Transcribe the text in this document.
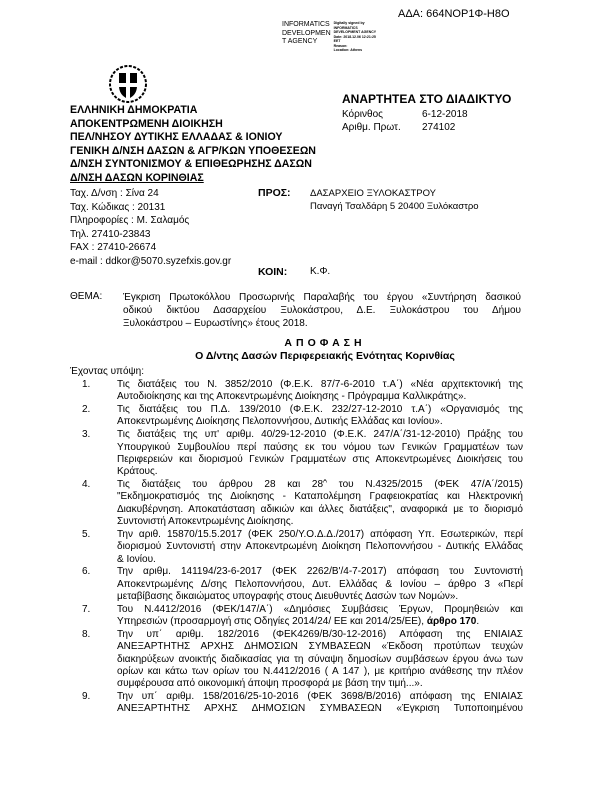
ΑΔΑ: 664ΝΟΡ1Φ-Η8Ο
INFORMATICS
DEVELOPMEN
T AGENCY
Digitally signed by
INFORMATICS
DEVELOPMENT AGENCY
Date: 2018.12.06 12:21:25
EET
Reason:
Location: Athens
ΕΛΛΗΝΙΚΗ ΔΗΜΟΚΡΑΤΙΑ
ΑΠΟΚΕΝΤΡΩΜΕΝΗ ΔΙΟΙΚΗΣΗ
ΠΕΛ/ΝΗΣΟΥ ΔΥΤΙΚΗΣ ΕΛΛΑΔΑΣ & ΙΟΝΙΟΥ
ΓΕΝΙΚΗ Δ/ΝΣΗ ΔΑΣΩΝ & ΑΓΡ/ΚΩΝ ΥΠΟΘΕΣΕΩΝ
Δ/ΝΣΗ ΣΥΝΤΟΝΙΣΜΟΥ & ΕΠΙΘΕΩΡΗΣΗΣ ΔΑΣΩΝ
Δ/ΝΣΗ ΔΑΣΩΝ ΚΟΡΙΝΘΙΑΣ
ΑΝΑΡΤΗΤΕΑ ΣΤΟ ΔΙΑΔΙΚΤΥΟ
Κόρινθος	6-12-2018
Αριθμ. Πρωτ. 274102
Ταχ. Δ/νση : Σίνα 24
Ταχ. Κώδικας : 20131
Πληροφορίες : Μ. Σαλαμός
Τηλ. 27410-23843
FAX : 27410-26674
e-mail : ddkor@5070.syzefxis.gov.gr
ΠΡΟΣ: ΔΑΣΑΡΧΕΙΟ ΞΥΛΟΚΑΣΤΡΟΥ
Παναγή Τσαλδάρη 5 20400 Ξυλόκαστρο
ΚΟΙΝ: Κ.Φ.
ΘΕΜΑ: Έγκριση Πρωτοκόλλου Προσωρινής Παραλαβής του έργου «Συντήρηση δασικού
οδικού δικτύου Δασαρχείου Ξυλοκάστρου, Δ.Ε. Ξυλοκάστρου του Δήμου
Ξυλοκάστρου – Ευρωστίνης» έτους 2018.
ΑΠΟΦΑΣΗ
Ο Δ/ντης Δασών Περιφερειακής Ενότητας Κορινθίας
Έχοντας υπόψη:
1.	Τις διατάξεις του Ν. 3852/2010 (Φ.Ε.Κ. 87/7-6-2010 τ.Α΄) «Νέα αρχιτεκτονική της
Αυτοδιοίκησης και της Αποκεντρωμένης Διοίκησης - Πρόγραμμα Καλλικράτης».
2.	Τις διατάξεις του Π.Δ. 139/2010 (Φ.Ε.Κ. 232/27-12-2010 τ.Α΄) «Οργανισμός της
Αποκεντρωμένης Διοίκησης Πελοποννήσου, Δυτικής Ελλάδας και Ιονίου».
3.	Τις διατάξεις της υπ' αριθμ. 40/29-12-2010 (Φ.Ε.Κ. 247/Α΄/31-12-2010) Πράξης του
Υπουργικού Συμβουλίου περί παύσης εκ του νόμου των Γενικών Γραμματέων των
Περιφερειών και διορισμού Γενικών Γραμματέων στις Αποκεντρωμένες Διοικήσεις του
Κράτους.
4.	Τις διατάξεις του άρθρου 28 και $28^A$ του Ν.4325/2015 (ΦΕΚ 47/Α΄/2015)
"Εκδημοκρατισμός της Διοίκησης - Καταπολέμηση Γραφειοκρατίας και Ηλεκτρονική
Διακυβέρνηση. Αποκατάσταση αδικιών και άλλες διατάξεις", αναφορικά με το διορισμό
Συντονιστή Αποκεντρωμένης Διοίκησης.
5.	Την αριθ. 15870/15.5.2017 (ΦΕΚ 250/Υ.Ο.Δ.Δ./2017) απόφαση Υπ. Εσωτερικών, περί
διορισμού Συντονιστή στην Αποκεντρωμένη Διοίκηση Πελοποννήσου - Δυτικής Ελλάδας
& Ιονίου.
6.	Την αριθμ. 141194/23-6-2017 (ΦΕΚ 2262/Β'/4-7-2017) απόφαση του Συντονιστή
Αποκεντρωμένης Δ/σης Πελοποννήσου, Δυτ. Ελλάδας & Ιονίου – άρθρο 3 «Περί
μεταβίβασης δικαιώματος υπογραφής στους Διευθυντές Δασών των Νομών».
7.	Του Ν.4412/2016 (ΦΕΚ/147/Α΄) «Δημόσιες Συμβάσεις Έργων, Προμηθειών και
Υπηρεσιών (προσαρμογή στις Οδηγίες 2014/24/ ΕΕ και 2014/25/ΕΕ), άρθρο 170.
8.	Την υπ΄ αριθμ. 182/2016 (ΦΕΚ4269/Β/30-12-2016) Απόφαση της ΕΝΙΑΙΑΣ
ΑΝΕΞΑΡΤΗΤΗΣ ΑΡΧΗΣ ΔΗΜΟΣΙΩΝ ΣΥΜΒΑΣΕΩΝ «Έκδοση προτύπων τευχών
διακηρύξεων ανοικτής διαδικασίας για τη σύναψη δημοσίων συμβάσεων έργου άνω των
ορίων και κάτω των ορίων του Ν.4412/2016 ( Α 147 ), με κριτήριο ανάθεσης την πλέον
συμφέρουσα από οικονομική άποψη προσφορά με βάση την τιμή...».
9.	Την υπ΄ αριθμ. 158/2016/25-10-2016 (ΦΕΚ 3698/Β/2016) απόφαση της ΕΝΙΑΙΑΣ
ΑΝΕΞΑΡΤΗΤΗΣ ΑΡΧΗΣ ΔΗΜΟΣΙΩΝ ΣΥΜΒΑΣΕΩΝ «Έγκριση Τυποποιημένου
